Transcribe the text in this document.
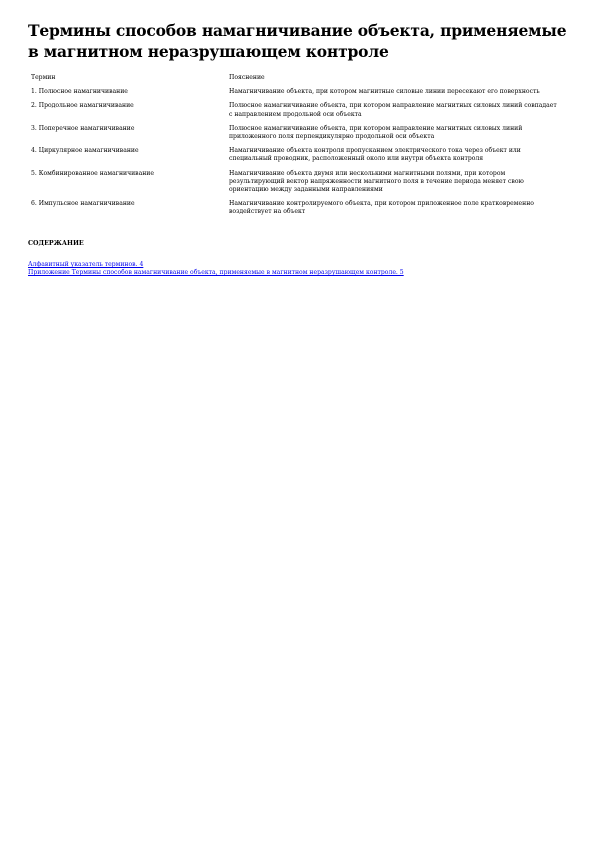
Термины способов намагничивание объекта, применяемые в магнитном неразрушающем контроле
Термин	Пояснение
1. Полюсное намагничивание	Намагничивание объекта, при котором магнитные силовые линии пересекают его поверхность
2. Продольное намагничивание	Полюсное намагничивание объекта, при котором направление магнитных силовых линий совпадает с направлением продольной оси объекта
3. Поперечное намагничивание	Полюсное намагничивание объекта, при котором направление магнитных силовых линий приложенного поля перпендикулярно продольной оси объекта
4. Циркулярное намагничивание	Намагничивание объекта контроля пропусканием электрического тока через объект или специальный проводник, расположенный около или внутри объекта контроля
5. Комбинированное намагничивание	Намагничивание объекта двумя или несколькими магнитными полями, при котором результирующий вектор напряженности магнитного поля в течение периода меняет свою ориентацию между заданными направлениями
6. Импульсное намагничивание	Намагничивание контролируемого объекта, при котором приложенное поле кратковременно воздействует на объект
СОДЕРЖАНИЕ
Алфавитный указатель терминов. 4
Приложение Термины способов намагничивание объекта, применяемые в магнитном неразрушающем контроле. 5
